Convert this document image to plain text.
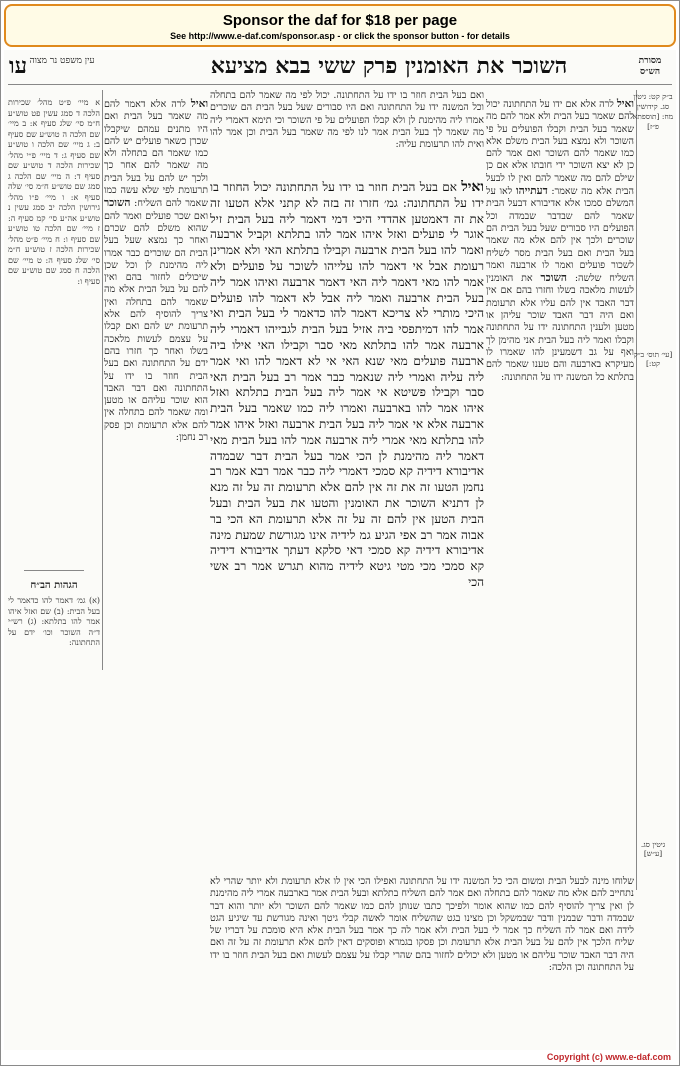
Sponsor the daf for $18 per page
See http://www.e-daf.com/sponsor.asp - or click the sponsor button - for details
עו	השוכר את האומנין פרק ששי בבא מציעא	מסורת הש״ס
עין משפט נר מצוה
ב״ק קט: גיטין סג. קידושין מח: [תוספתא פ״ז]
[עי׳ תוס׳ ב״ק קט:]
גיטין סג. [ע״ש]
ואם בעל הבית חוזר בו ידו על התחתונה. יכול לפי מה שאמר להם בתחלה וכל המשנה ידו על התחתונה ואם היו סבורים שעל בעל הבית הם שוכרים אמרו ליה מהימנת לן ולא קבלו הפועלים על פי השוכר וכי תימא דאמרי ליה מה שאמר לך בעל הבית אמר לנו לפי מה שאמר בעל הבית וכן אמר להו ואית להו תרעומת עליה:
ואיל אם בעל הבית חוזר בו ידו על התחתונה יכול החוזר בו ידו על התחתונה: גמ׳ חזרו זה בזה לא קתני אלא הטעו זה את זה דאמטען אהדדי היכי דמי דאמר ליה בעל הבית זיל אוגר לי פועלים ואזל איהו אמר להו בתלתא וקביל ארבעה ואמר להו בעל הבית ארבעה וקבילו בתלתא האי ולא אמרינן רעומת אבל אי דאמר להו עלייהו לשוכר על פועלים ולא אמר להו מאי דאמר ליה האי דאמר ארבעה ואיהו אמר ליה בעל הבית ארבעה ואמר ליה אבל לא דאמר להו פועלים היכי מותרי לא צריכא דאמר להו כדאמר לי בעל הבית ואי אמר להו דמיתפסי ביה אזיל בעל הבית לגבייהו דאמרי ליה ארבעה אמר להו בתלתא מאי סבר וקבילו האי אילו ביה ארבעה פועלים מאי שנא האי אי לא דאמר להו ואי אמר ליה עליה ואמרי ליה שנאמר כבר אמר רב בעל הבית האי סבר וקבילו פשיטא אי אמר ליה בעל הבית בתלתא ואזל איהו אמר להו בארבעה ואמרו ליה כמו שאמר בעל הבית ארבעה אלא אי אמר ליה בעל הבית ארבעה ואזל איהו אמר להו בתלתא מאי אמרי ליה ארבעה אמר להו בעל הבית מאי דאמר ליה מהימנת לן הכי אמר בעל הבית דבר שבמדה אדיבורא דידיה קא סמכי דאמרי ליה כבר אמר רבא אמר רב נחמן הטעו זה את זה אין להם אלא תרעומת זה על זה מנא לן דתניא השוכר את האומנין והטעו את בעל הבית ובעל הבית הטען אין להם זה על זה אלא תרעומת הא הכי בר אבוה אמר רב אפי הגיע גמ לידיה אינו מגורשת שמעת מינה אדיבורא דידיה קא סמכי דאי סלקא דעתך אדיבורא דידיה קא סמכי מכי מטי גיטא לידיה מהוא תגרש אמר רב אשי הכי
ואיל לרה אלא אם ידו על התחתונה יכול להם שאמר בעל הבית ולא אמר להם מה שאמר בעל הבית וקבלו הפועלים על פי השוכר ולא נמצא בעל הבית משלם אלא כמו שאמר להם השוכר ואם אמר להם כן לא יצא השוכר ידי חובתו אלא אם כן שילם להם מה שאמר להם ואין לו לבעל הבית אלא מה שאמר: דעתייהו לאו על המשלם סמכו אלא אדיבורא דבעל הבית שאמר להם שבדבר שבמדה וכל הפועלים היו סבורים שעל בעל הבית הם שוכרים ולכך אין להם אלא מה שאמר בעל הבית ואם בעל הבית מסר לשליח לשכור פועלים ואמר לו ארבעה ואמר השליח שלשה: השוכר את האומנין לעשות מלאכה בשלו וחזרו בהם אם אין דבר האבד אין להם עליו אלא תרעומת ואם היה דבר האבד שוכר עליהן או מטען ולענין התחתונה ידו על התחתונה וקבלו ואמר ליה בעל הבית אני מהימן לך ואף על גב דשמעינן להו שאמרו לו מעיקרא בארבעה והם טענו שאמר להם בתלתא כל המשנה ידו על התחתונה:
ואיל לרה אלא דאמר להם מה שאמר בעל הבית ואם היו מתנים עמהם שיקבלו שכרן כשאר פועלים יש להם כמו שאמר הם בתחלה ולא מה שאמר להם אחר כך ולכך יש להם על בעל הבית תרעומת לפי שלא עשה כמו שאמר להם השליח: השוכר ואם שכר פועלים ואמר להם שהוא משלם להם שכרם ואחר כך נמצא שעל בעל הבית הם שוכרים כבר אמרו ליה מהימנת לן וכל שכן שיכולים לחזור בהם ואין להם על בעל הבית אלא מה שאמר להם בתחלה ואין צריך להוסיף להם אלא תרעומת יש להם ואם קבלו על עצמם לעשות מלאכה בשלו ואחר כך חזרו בהם ידם על התחתונה ואם בעל הבית חוזר בו ידו על התחתונה ואם דבר האבד הוא שוכר עליהם או מטען ומה שאמר להם בתחלה אין להם אלא תרעומת וכן פסק רב נחמן:
א מיי׳ פ״ט מהל׳ שכירות הלכה ד סמג עשין פט טוש״ע ח״מ סי׳ שלג סעיף א: ב מיי׳ שם הלכה ה טוש״ע שם סעיף ב: ג מיי׳ שם הלכה ו טוש״ע שם סעיף ג: ד מיי׳ פ״י מהל׳ שכירות הלכה ד טוש״ע שם סעיף ד: ה מיי׳ שם הלכה ג סמג שם טוש״ע ח״מ סי׳ שלה סעיף א: ו מיי׳ פ״ו מהל׳ גירושין הלכה יב סמג עשין נ טוש״ע אה״ע סי׳ קמ סעיף ה: ז מיי׳ שם הלכה טו טוש״ע שם סעיף ו: ח מיי׳ פ״ט מהל׳ שכירות הלכה ז טוש״ע ח״מ סי׳ שלג סעיף ה: ט מיי׳ שם הלכה ח סמג שם טוש״ע שם סעיף ו:
הגהות הב״ח
(א) גמ׳ דאמר להו כדאמר לי בעל הבית: (ב) שם ואזל איהו אמר להו בתלתא: (ג) רש״י ד״ה השוכר וכו׳ ידם על התחתונה:
שלוחו מינה לבעל הבית ומשום הכי כל המשנה ידו על התחתונה ואפילו הכי אין לו אלא תרעומת ולא יותר שהרי לא נתחייב להם אלא מה שאמר להם בתחלה ואם אמר להם השליח בתלתא ובעל הבית אמר בארבעה אמרי ליה מהימנת לן ואין צריך להוסיף להם כמו שהוא אומר ולפיכך כתבו שנותן להם כמו שאמר להם השוכר ולא יותר והוא דבר שבמדה ודבר שבמנין ודבר שבמשקל וכן מצינו בגט שהשליח אומר לאשה קבלי גיטך ואינה מגורשת עד שיגיע הגט לידה ואם אמר לה השליח כך אמר לי בעל הבית ולא אמר לה כך אמר בעל הבית אלא היא סומכת על דבריו של שליח הלכך אין להם על בעל הבית אלא תרעומת וכן פסקו בגמרא ופוסקים דאין להם אלא תרעומת זה על זה ואם היה דבר האבד שוכר עליהם או מטען ולא יכולים לחזור בהם שהרי קבלו על עצמם לעשות ואם בעל הבית חוזר בו ידו על התחתונה וכן הלכה:
Copyright (c) www.e-daf.com
